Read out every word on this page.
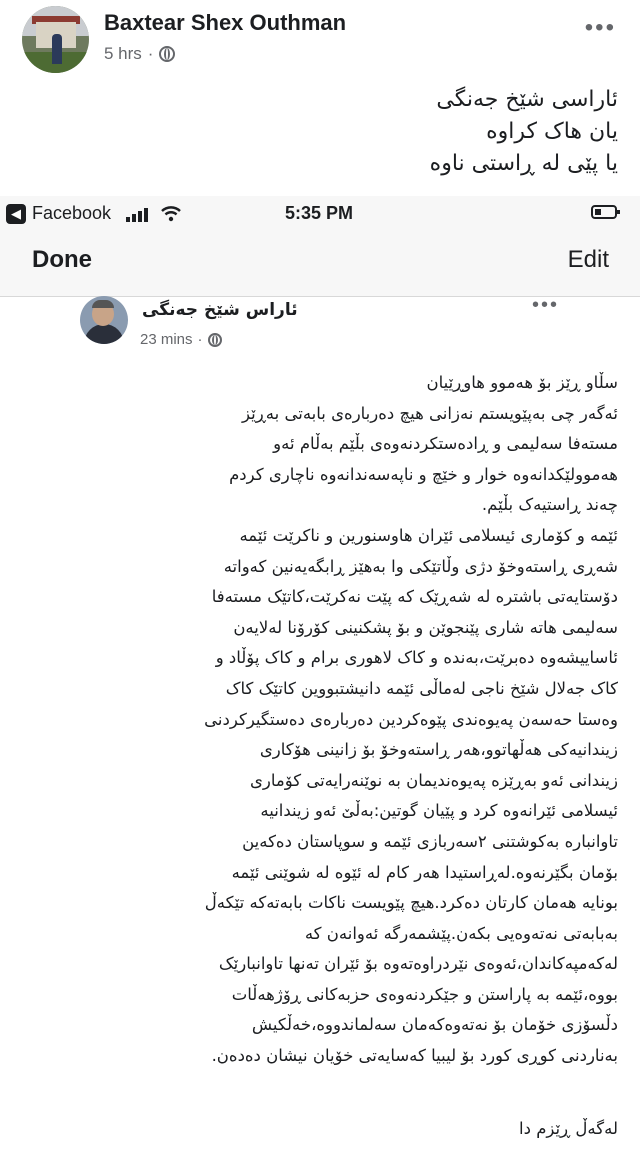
Baxtear Shex Outhman
5 hrs ·
•••
ئاراسی شێخ جەنگی
یان هاک کراوە
یا پێی لە ڕاستی ناوە
◀ Facebook	5:35 PM
Done	Edit
ئاراس شێخ جەنگی
23 mins ·
•••
سڵاو ڕێز بۆ هەموو هاوڕێیان
ئەگەر چی بەپێویستم نەزانی هیچ دەربارەی بابەتی بەڕێز
مستەفا سەلیمی و ڕادەستکردنەوەی بڵێم بەڵام ئەو
هەموولێکدانەوە خوار و خێچ و ناپەسەندانەوە ناچاری کردم
چەند ڕاستیەک بڵێم.
ئێمە و کۆماری ئیسلامی ئێران هاوسنورین و ناکرێت ئێمە
شەڕی ڕاستەوخۆ دژی وڵاتێکی وا بەهێز ڕابگەیەنین کەواتە
دۆستایەتی باشترە لە شەڕێک کە پێت نەکرێت،کاتێک مستەفا
سەلیمی هاتە شاری پێنجوێن و بۆ پشکنینی کۆرۆنا لەلایەن
ئاساییشەوە دەبرێت،بەندە و کاک لاهوری برام و کاک پۆڵاد و
کاک جەلال شێخ ناجی لەماڵی ئێمە دانیشتبووین کاتێک کاک
وەستا حەسەن پەیوەندی پێوەکردین دەربارەی دەستگیرکردنی
زیندانیەکی هەڵهاتوو،هەر ڕاستەوخۆ بۆ زانینی هۆکاری
زیندانی ئەو بەڕێزە پەیوەندیمان بە نوێنەرایەتی کۆماری
ئیسلامی ئێرانەوە کرد و پێیان گوتین:بەڵێ ئەو زیندانیە
تاوانبارە بەکوشتنی ٢سەربازی ئێمە و سوپاستان دەکەین
بۆمان بگێرنەوە.لەڕاستیدا هەر کام لە ئێوە لە شوێنی ئێمە
بونایە هەمان کارتان دەکرد.هیچ پێویست ناکات بابەتەکە تێکەڵ
بەبابەتی نەتەوەیی بکەن.پێشمەرگە ئەوانەن کە
لەکەمپەکاندان،ئەوەی نێردراوەتەوە بۆ ئێران تەنها تاوانبارێک
بووە،ئێمە بە پاراستن و جێکردنەوەی حزبەکانی ڕۆژهەڵات
دڵسۆزی خۆمان بۆ نەتەوەکەمان سەلماندووە،خەڵکیش
بەناردنی کوڕی کورد بۆ لیبیا کەسایەتی خۆیان نیشان دەدەن.
لەگەڵ ڕێزم دا
